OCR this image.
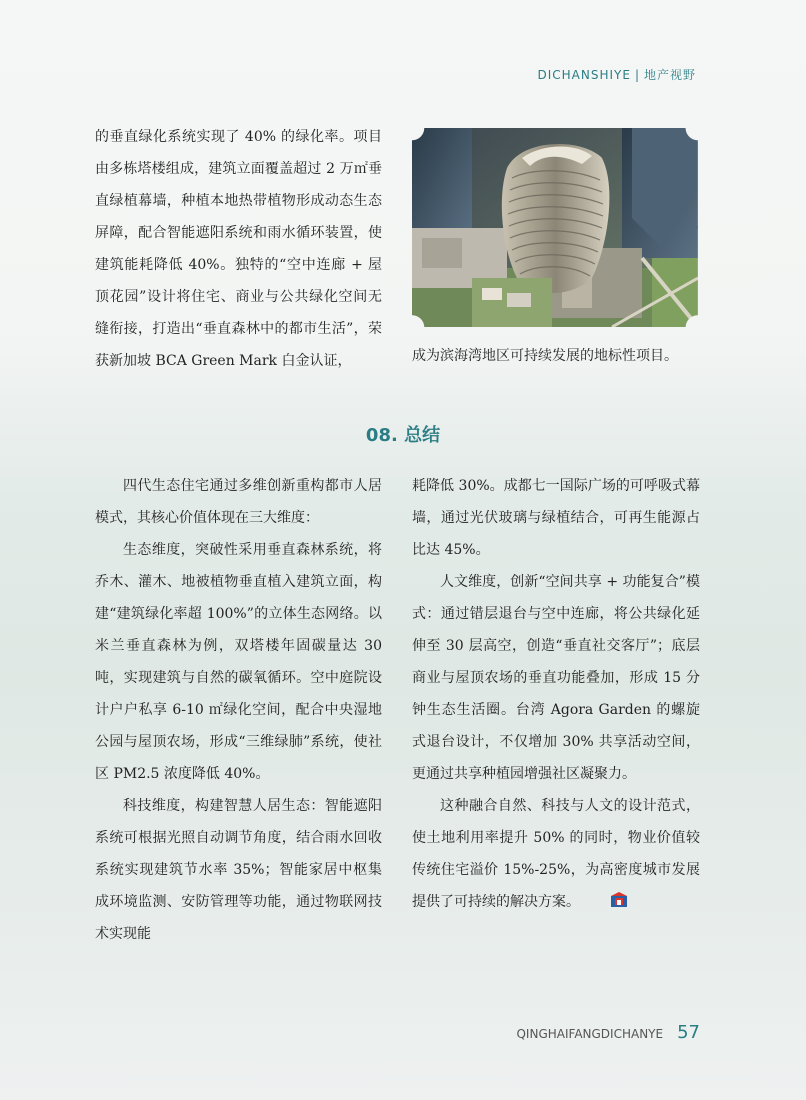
DICHANSHIYE | 地产视野

的垂直绿化系统实现了 40% 的绿化率。项目由多栋塔楼组成，建筑立面覆盖超过 2 万㎡垂直绿植幕墙，种植本地热带植物形成动态生态屏障，配合智能遮阳系统和雨水循环装置，使建筑能耗降低 40%。独特的“空中连廊 + 屋顶花园”设计将住宅、商业与公共绿化空间无缝衔接，打造出“垂直森林中的都市生活”，荣获新加坡 BCA Green Mark 白金认证，	成为滨海湾地区可持续发展的地标性项目。

08. 总结

四代生态住宅通过多维创新重构都市人居模式，其核心价值体现在三大维度：

生态维度，突破性采用垂直森林系统，将乔木、灌木、地被植物垂直植入建筑立面，构建“建筑绿化率超 100%”的立体生态网络。以米兰垂直森林为例，双塔楼年固碳量达 30 吨，实现建筑与自然的碳氧循环。空中庭院设计户户私享 6-10 ㎡绿化空间，配合中央湿地公园与屋顶农场，形成“三维绿肺”系统，使社区 PM2.5 浓度降低 40%。

科技维度，构建智慧人居生态：智能遮阳系统可根据光照自动调节角度，结合雨水回收系统实现建筑节水率 35%；智能家居中枢集成环境监测、安防管理等功能，通过物联网技术实现能

耗降低 30%。成都七一国际广场的可呼吸式幕墙，通过光伏玻璃与绿植结合，可再生能源占比达 45%。

人文维度，创新“空间共享 + 功能复合”模式：通过错层退台与空中连廊，将公共绿化延伸至 30 层高空，创造“垂直社交客厅”；底层商业与屋顶农场的垂直功能叠加，形成 15 分钟生态生活圈。台湾 Agora Garden 的螺旋式退台设计，不仅增加 30% 共享活动空间，更通过共享种植园增强社区凝聚力。

这种融合自然、科技与人文的设计范式，使土地利用率提升 50% 的同时，物业价值较传统住宅溢价 15%-25%，为高密度城市发展提供了可持续的解决方案。

QINGHAIFANGDICHANYE 57
